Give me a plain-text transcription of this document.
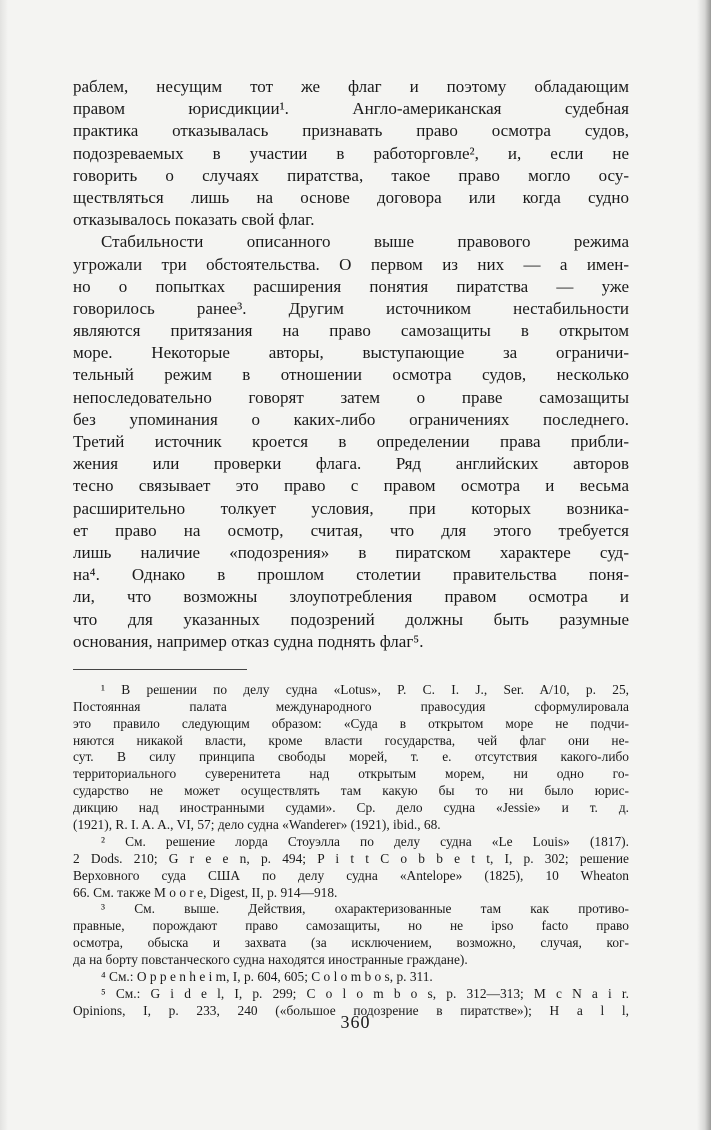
раблем, несущим тот же флаг и поэтому обладающим
правом юрисдикции¹. Англо-американская судебная
практика отказывалась признавать право осмотра судов,
подозреваемых в участии в работорговле², и, если не
говорить о случаях пиратства, такое право могло осу-
ществляться лишь на основе договора или когда судно
отказывалось показать свой флаг.
Стабильности описанного выше правового режима
угрожали три обстоятельства. О первом из них — а имен-
но о попытках расширения понятия пиратства — уже
говорилось ранее³. Другим источником нестабильности
являются притязания на право самозащиты в открытом
море. Некоторые авторы, выступающие за ограничи-
тельный режим в отношении осмотра судов, несколько
непоследовательно говорят затем о праве самозащиты
без упоминания о каких-либо ограничениях последнего.
Третий источник кроется в определении права прибли-
жения или проверки флага. Ряд английских авторов
тесно связывает это право с правом осмотра и весьма
расширительно толкует условия, при которых возника-
ет право на осмотр, считая, что для этого требуется
лишь наличие «подозрения» в пиратском характере суд-
на⁴. Однако в прошлом столетии правительства поня-
ли, что возможны злоупотребления правом осмотра и
что для указанных подозрений должны быть разумные
основания, например отказ судна поднять флаг⁵.
¹ В решении по делу судна «Lotus», P. C. I. J., Ser. A/10, p. 25,
Постоянная палата международного правосудия сформулировала
это правило следующим образом: «Суда в открытом море не подчи-
няются никакой власти, кроме власти государства, чей флаг они не-
сут. В силу принципа свободы морей, т. е. отсутствия какого-либо
территориального суверенитета над открытым морем, ни одно го-
сударство не может осуществлять там какую бы то ни было юрис-
дикцию над иностранными судами». Ср. дело судна «Jessie» и т. д.
(1921), R. I. A. A., VI, 57; дело судна «Wanderer» (1921), ibid., 68.
² См. решение лорда Стоуэлла по делу судна «Le Louis» (1817).
2 Dods. 210; G r e e n, p. 494; P i t t C o b b e t t, I, p. 302; решение
Верховного суда США по делу судна «Antelope» (1825), 10 Wheaton
66. См. также M o o r e, Digest, II, p. 914—918.
³ См. выше. Действия, охарактеризованные там как противо-
правные, порождают право самозащиты, но не ipso facto право
осмотра, обыска и захвата (за исключением, возможно, случая, ког-
да на борту повстанческого судна находятся иностранные граждане).
⁴ См.: O p p e n h e i m, I, p. 604, 605; C o l o m b o s, p. 311.
⁵ См.: G i d e l, I, p. 299; C o l o m b o s, p. 312—313; M c N a i r.
Opinions, I, p. 233, 240 («большое подозрение в пиратстве»); H a l l,
360
